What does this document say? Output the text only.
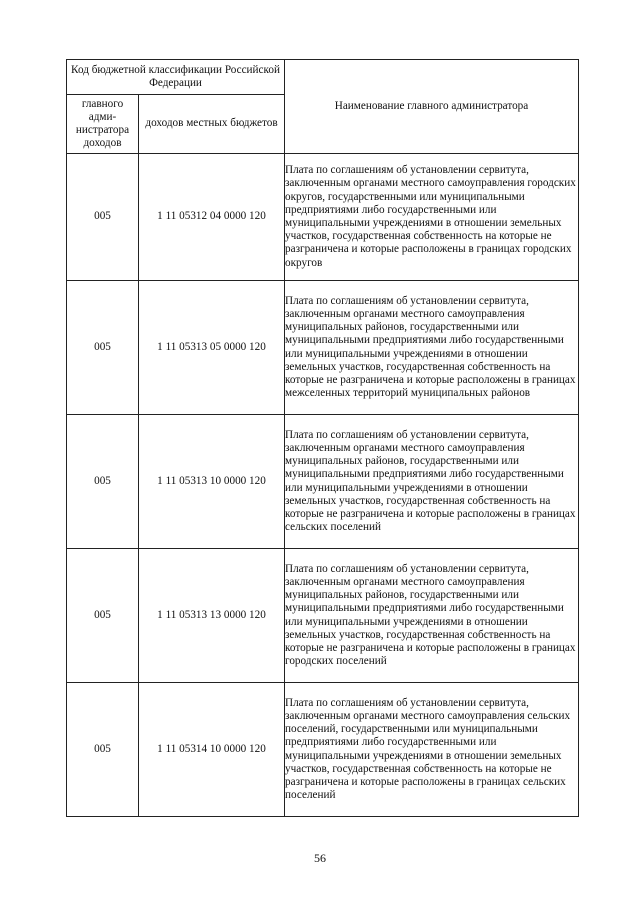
Код бюджетной классификации Российской Федерации		Наименование главного администратора
главного адми-нистратора доходов	доходов местных бюджетов	
005	1 11 05312 04 0000 120	Плата по соглашениям об установлении сервитута, заключенным органами местного самоуправления городских округов, государственными или муниципальными предприятиями либо государственными или муниципальными учреждениями в отношении земельных участков, государственная собственность на которые не разграничена и которые расположены в границах городских округов
005	1 11 05313 05 0000 120	Плата по соглашениям об установлении сервитута, заключенным органами местного самоуправления муниципальных районов, государственными или муниципальными предприятиями либо государственными или муниципальными учреждениями в отношении земельных участков, государственная собственность на которые не разграничена и которые расположены в границах межселенных территорий муниципальных районов
005	1 11 05313 10 0000 120	Плата по соглашениям об установлении сервитута, заключенным органами местного самоуправления муниципальных районов, государственными или муниципальными предприятиями либо государственными или муниципальными учреждениями в отношении земельных участков, государственная собственность на которые не разграничена и которые расположены в границах сельских поселений
005	1 11 05313 13 0000 120	Плата по соглашениям об установлении сервитута, заключенным органами местного самоуправления муниципальных районов, государственными или муниципальными предприятиями либо государственными или муниципальными учреждениями в отношении земельных участков, государственная собственность на которые не разграничена и которые расположены в границах городских поселений
005	1 11 05314 10 0000 120	Плата по соглашениям об установлении сервитута, заключенным органами местного самоуправления сельских поселений, государственными или муниципальными предприятиями либо государственными или муниципальными учреждениями в отношении земельных участков, государственная собственность на которые не разграничена и которые расположены в границах сельских поселений
56
